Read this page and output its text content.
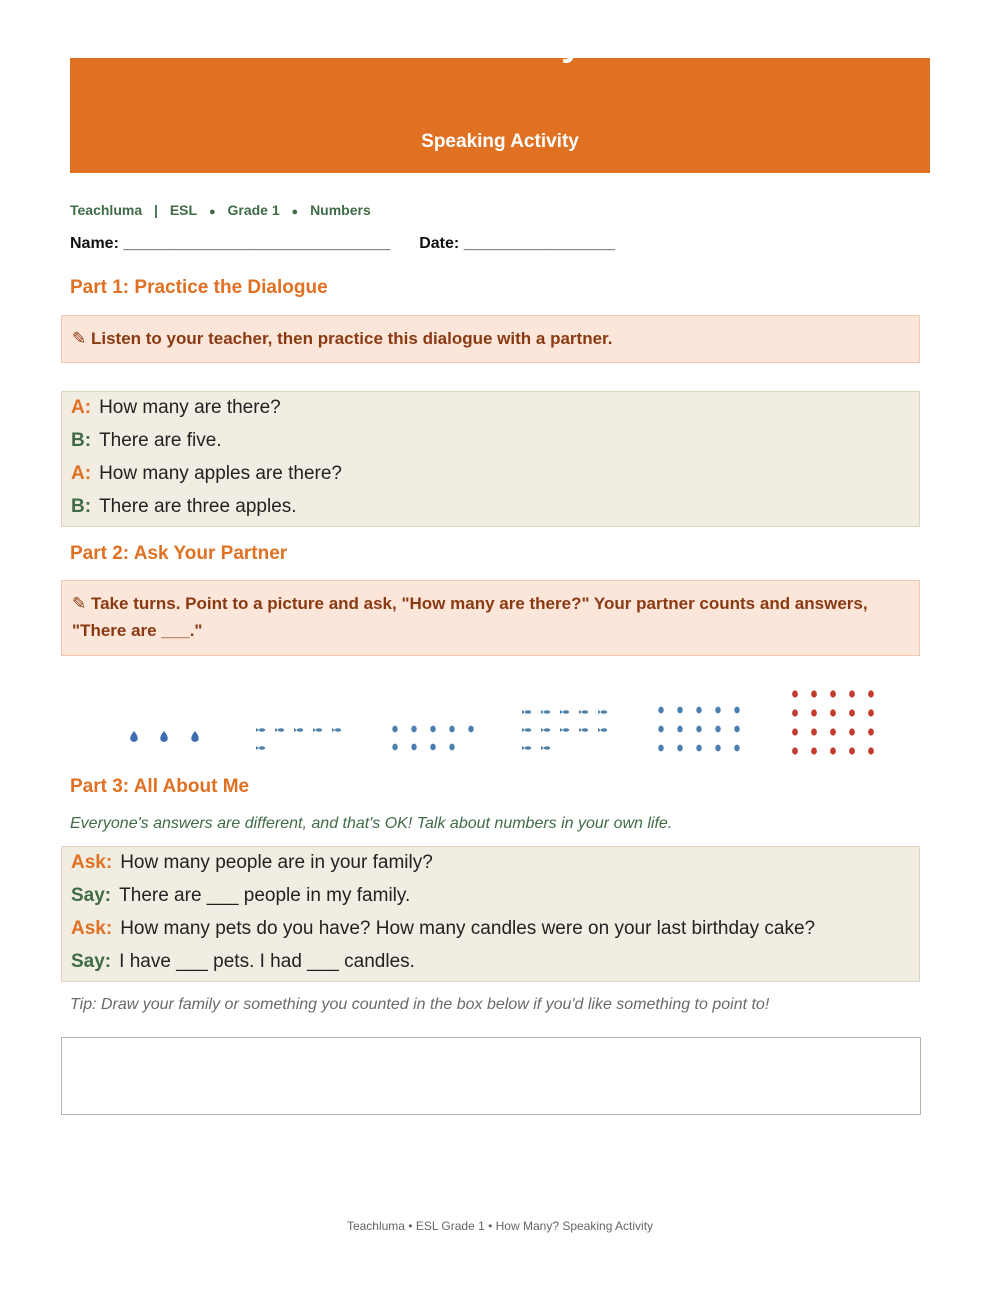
How Many?
Speaking Activity
Teachluma | ESL ● Grade 1 ● Numbers
Name: ______________________________ Date: _________________
Part 1: Practice the Dialogue
✎ Listen to your teacher, then practice this dialogue with a partner.
A: How many are there?
B: There are five.
A: How many apples are there?
B: There are three apples.
Part 2: Ask Your Partner
✎ Take turns. Point to a picture and ask, "How many are there?" Your partner counts and answers, "There are ___."
Part 3: All About Me
Everyone's answers are different, and that's OK! Talk about numbers in your own life.
Ask: How many people are in your family?
Say: There are ___ people in my family.
Ask: How many pets do you have? How many candles were on your last birthday cake?
Say: I have ___ pets. I had ___ candles.
Tip: Draw your family or something you counted in the box below if you'd like something to point to!
Teachluma • ESL Grade 1 • How Many? Speaking Activity
